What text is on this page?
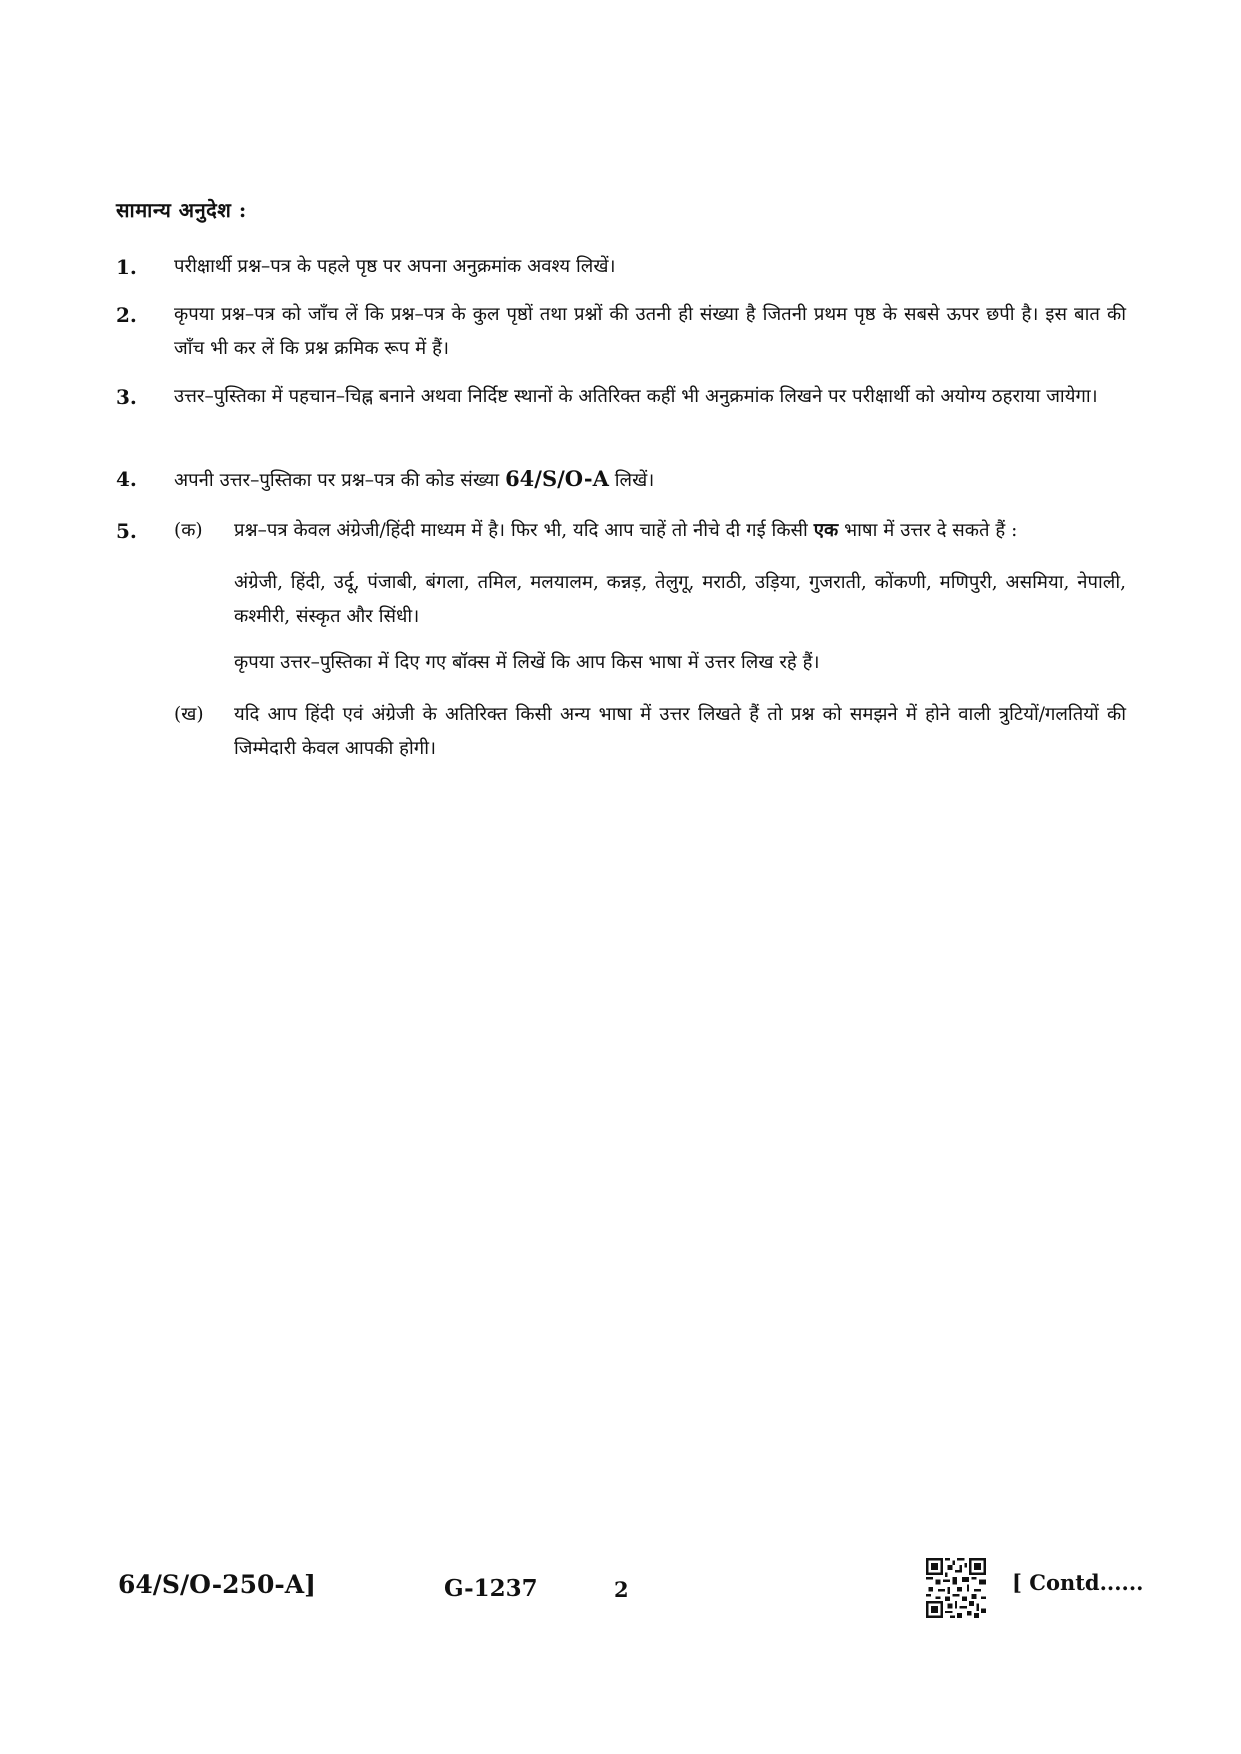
सामान्य अनुदेश :
1. परीक्षार्थी प्रश्न–पत्र के पहले पृष्ठ पर अपना अनुक्रमांक अवश्य लिखें।
2. कृपया प्रश्न–पत्र को जाँच लें कि प्रश्न–पत्र के कुल पृष्ठों तथा प्रश्नों की उतनी ही संख्या है जितनी प्रथम पृष्ठ के सबसे ऊपर छपी है। इस बात की जाँच भी कर लें कि प्रश्न क्रमिक रूप में हैं।
3. उत्तर–पुस्तिका में पहचान–चिह्न बनाने अथवा निर्दिष्ट स्थानों के अतिरिक्त कहीं भी अनुक्रमांक लिखने पर परीक्षार्थी को अयोग्य ठहराया जायेगा।
4. अपनी उत्तर–पुस्तिका पर प्रश्न–पत्र की कोड संख्या 64/S/O-A लिखें।
5. (क) प्रश्न–पत्र केवल अंग्रेजी/हिंदी माध्यम में है। फिर भी, यदि आप चाहें तो नीचे दी गई किसी एक भाषा में उत्तर दे सकते हैं :
अंग्रेजी, हिंदी, उर्दू, पंजाबी, बंगला, तमिल, मलयालम, कन्नड़, तेलुगू, मराठी, उड़िया, गुजराती, कोंकणी, मणिपुरी, असमिया, नेपाली, कश्मीरी, संस्कृत और सिंधी।
कृपया उत्तर–पुस्तिका में दिए गए बॉक्स में लिखें कि आप किस भाषा में उत्तर लिख रहे हैं।
(ख) यदि आप हिंदी एवं अंग्रेजी के अतिरिक्त किसी अन्य भाषा में उत्तर लिखते हैं तो प्रश्न को समझने में होने वाली त्रुटियों/गलतियों की जिम्मेदारी केवल आपकी होगी।
64/S/O-250-A]	G-1237	2	[ Contd......
